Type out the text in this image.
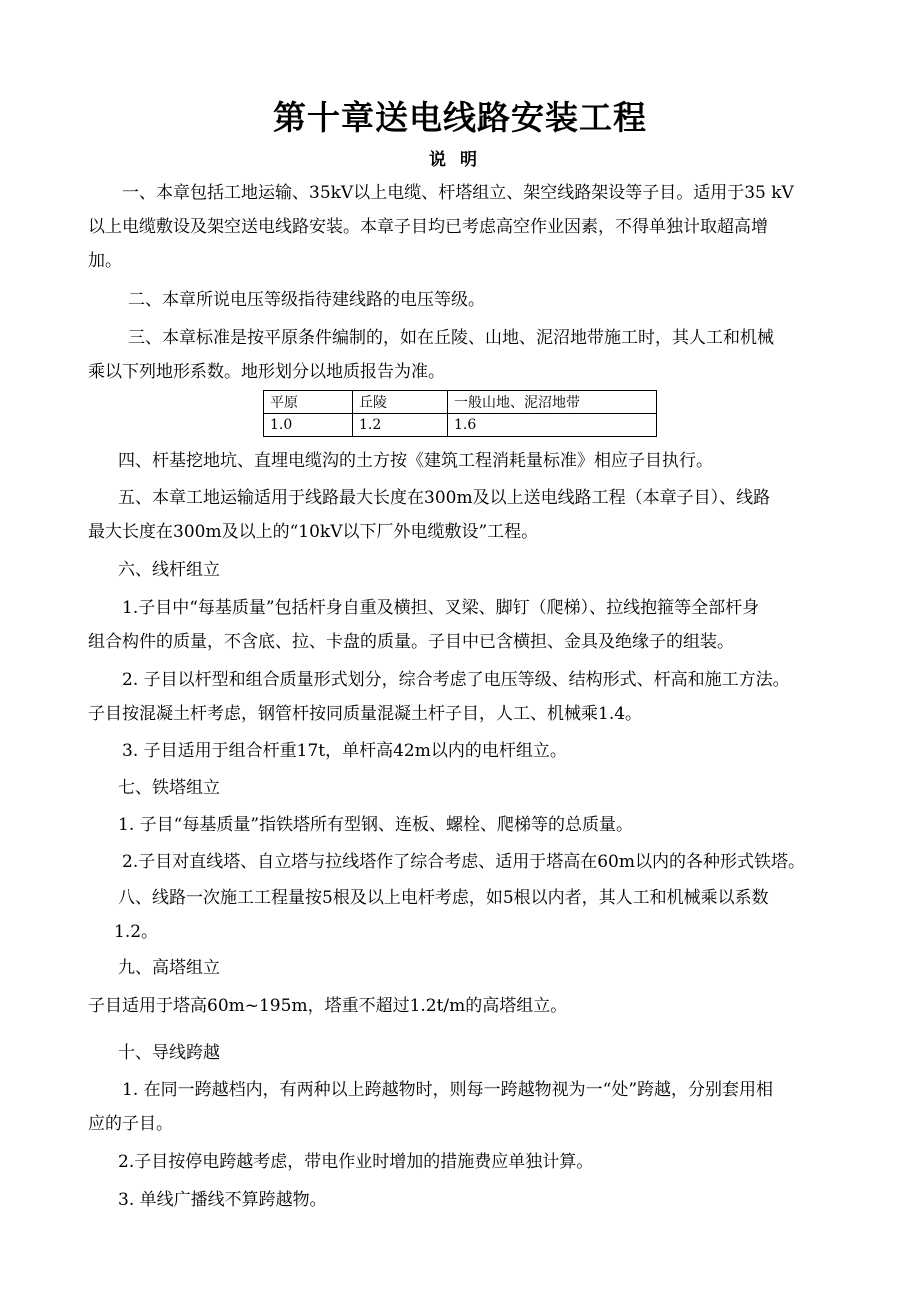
第十章送电线路安装工程
说明
一、本章包括工地运输、35kV以上电缆、杆塔组立、架空线路架设等子目。适用于35 kV
以上电缆敷设及架空送电线路安装。本章子目均已考虑高空作业因素，不得单独计取超高增
加。
二、本章所说电压等级指待建线路的电压等级。
三、本章标准是按平原条件编制的，如在丘陵、山地、泥沼地带施工时，其人工和机械
乘以下列地形系数。地形划分以地质报告为准。
平原	丘陵	一般山地、泥沼地带
1.0	1.2	1.6
四、杆基挖地坑、直埋电缆沟的土方按《建筑工程消耗量标准》相应子目执行。
五、本章工地运输适用于线路最大长度在300m及以上送电线路工程（本章子目）、线路
最大长度在300m及以上的“10kV以下厂外电缆敷设”工程。
六、线杆组立
1.子目中“每基质量”包括杆身自重及横担、叉梁、脚钉（爬梯）、拉线抱箍等全部杆身
组合构件的质量，不含底、拉、卡盘的质量。子目中已含横担、金具及绝缘子的组装。
2. 子目以杆型和组合质量形式划分，综合考虑了电压等级、结构形式、杆高和施工方法。
子目按混凝土杆考虑，钢管杆按同质量混凝土杆子目，人工、机械乘1.4。
3. 子目适用于组合杆重17t，单杆高42m以内的电杆组立。
七、铁塔组立
1. 子目“每基质量”指铁塔所有型钢、连板、螺栓、爬梯等的总质量。
2.子目对直线塔、自立塔与拉线塔作了综合考虑、适用于塔高在60m以内的各种形式铁塔。
八、线路一次施工工程量按5根及以上电杆考虑，如5根以内者，其人工和机械乘以系数
1.2。
九、高塔组立
子目适用于塔高60m~195m，塔重不超过1.2t/m的高塔组立。
十、导线跨越
1. 在同一跨越档内，有两种以上跨越物时，则每一跨越物视为一“处”跨越，分别套用相
应的子目。
2.子目按停电跨越考虑，带电作业时增加的措施费应单独计算。
3. 单线广播线不算跨越物。
